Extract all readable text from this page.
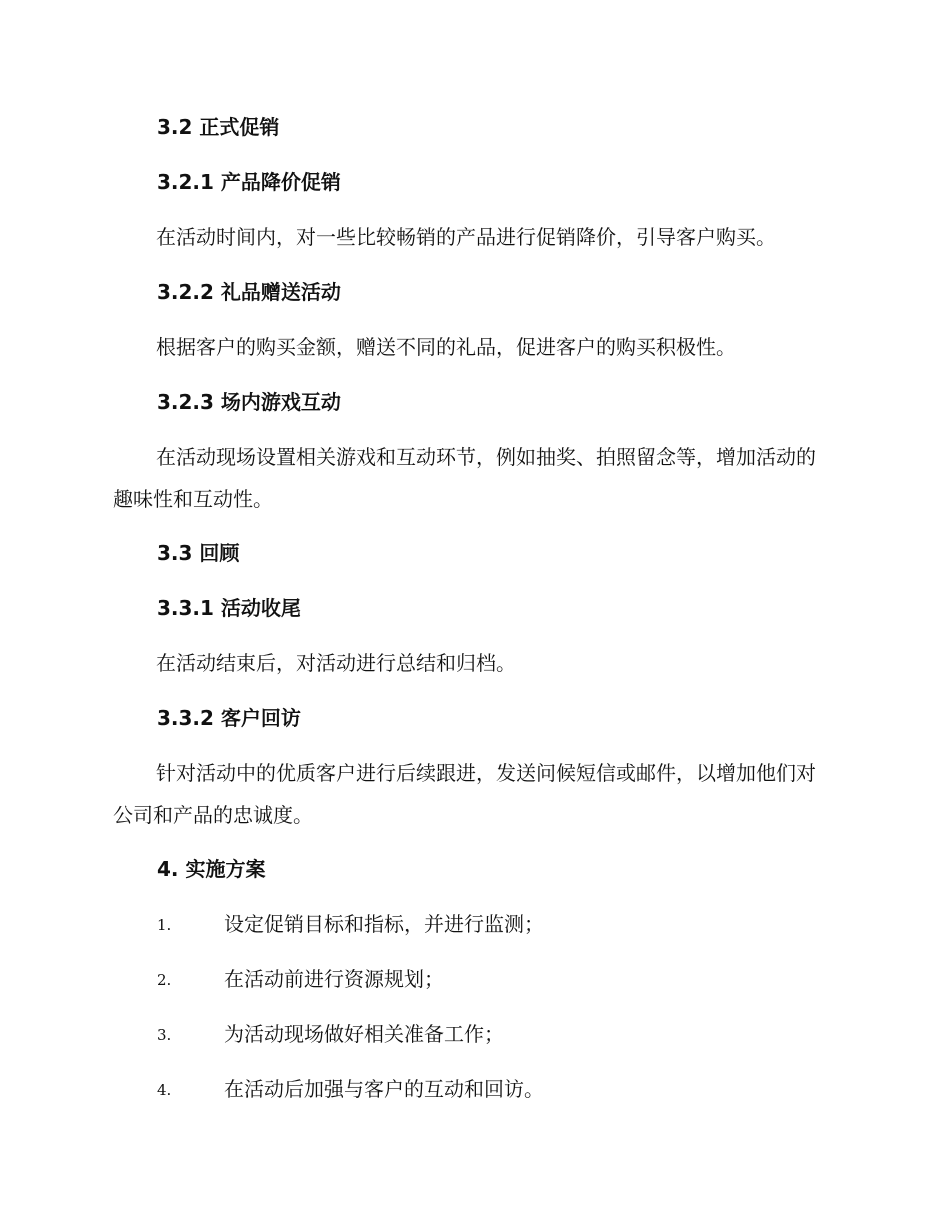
3.2 正式促销
3.2.1 产品降价促销
在活动时间内，对一些比较畅销的产品进行促销降价，引导客户购买。
3.2.2 礼品赠送活动
根据客户的购买金额，赠送不同的礼品，促进客户的购买积极性。
3.2.3 场内游戏互动
在活动现场设置相关游戏和互动环节，例如抽奖、拍照留念等，增加活动的趣味性和互动性。
3.3 回顾
3.3.1 活动收尾
在活动结束后，对活动进行总结和归档。
3.3.2 客户回访
针对活动中的优质客户进行后续跟进，发送问候短信或邮件，以增加他们对公司和产品的忠诚度。
4. 实施方案
1.	设定促销目标和指标，并进行监测；
2.	在活动前进行资源规划；
3.	为活动现场做好相关准备工作；
4.	在活动后加强与客户的互动和回访。
